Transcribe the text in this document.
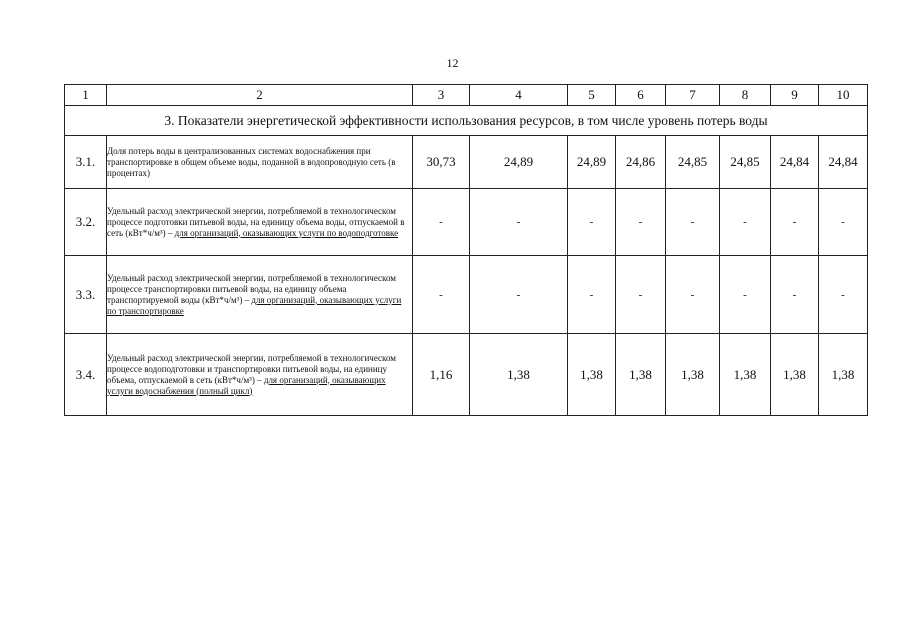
12
1	2	3	4	5	6	7	8	9	10
3. Показатели энергетической эффективности использования ресурсов, в том числе уровень потерь воды									
3.1.	Доля потерь воды в централизованных системах водоснабжения при транспортировке в общем объеме воды, поданной в водопроводную сеть (в процентах)	30,73	24,89	24,89	24,86	24,85	24,85	24,84	24,84
3.2.	Удельный расход электрической энергии, потребляемой в технологическом процессе подготовки питьевой воды, на единицу объема воды, отпускаемой в сеть (кВт*ч/м³) – для организаций, оказывающих услуги по водоподготовке	-	-	-	-	-	-	-	-
3.3.	Удельный расход электрической энергии, потребляемой в технологическом процессе транспортировки питьевой воды, на единицу объема транспортируемой воды (кВт*ч/м³) – для организаций, оказывающих услуги по транспортировке	-	-	-	-	-	-	-	-
3.4.	Удельный расход электрической энергии, потребляемой в технологическом процессе водоподготовки и транспортировки питьевой воды, на единицу объема, отпускаемой в сеть (кВт*ч/м³) – для организаций, оказывающих услуги водоснабжения (полный цикл)	1,16	1,38	1,38	1,38	1,38	1,38	1,38	1,38
